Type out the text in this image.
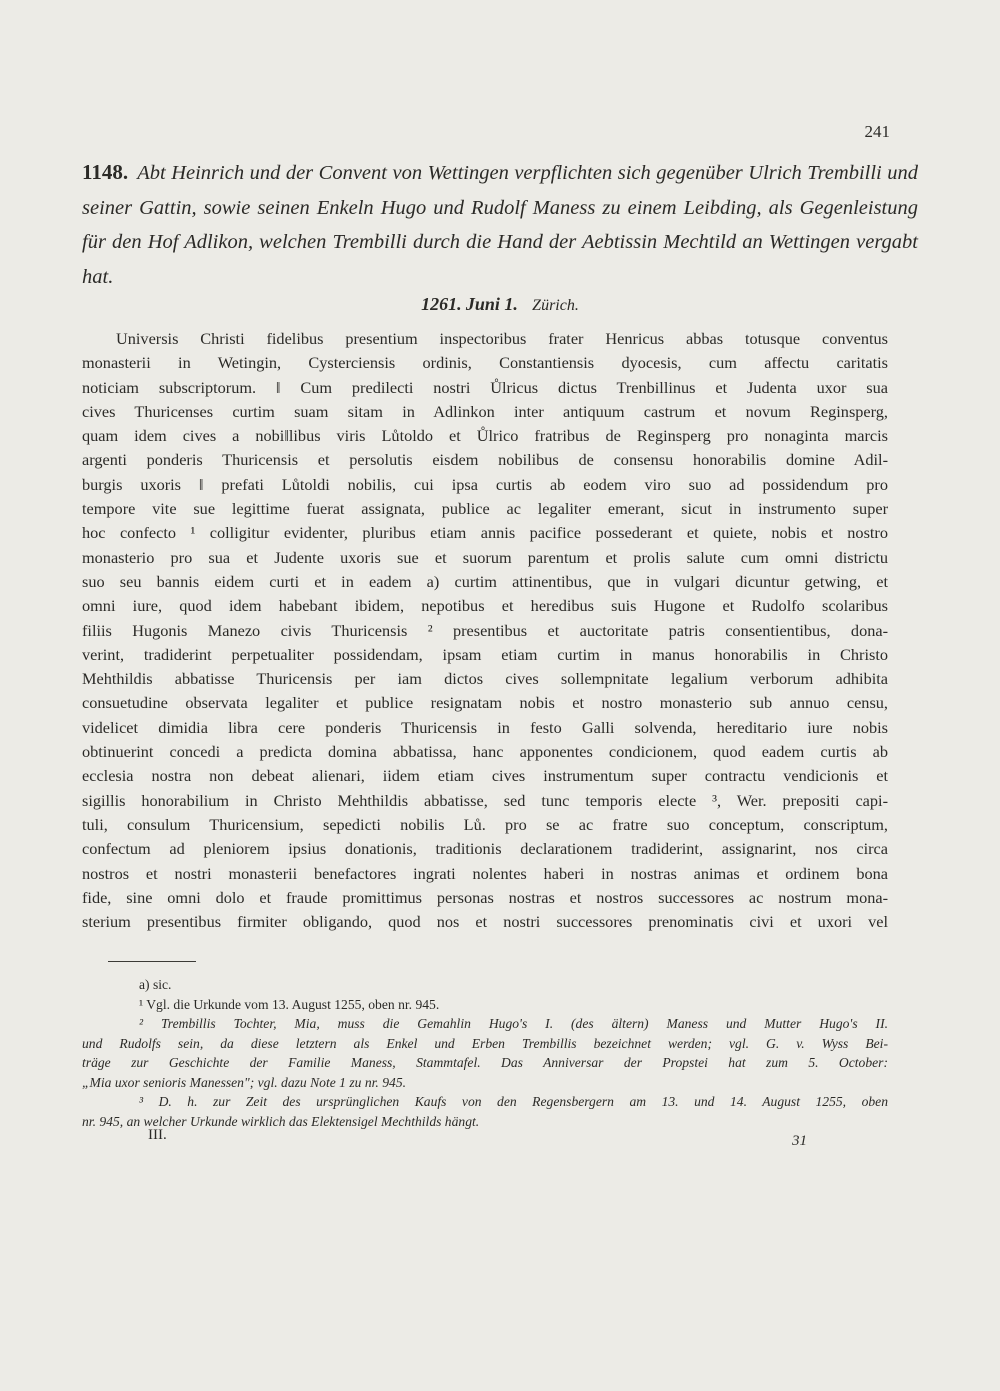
241
1148. Abt Heinrich und der Convent von Wettingen verpflichten sich gegenüber Ulrich Trembilli und seiner Gattin, sowie seinen Enkeln Hugo und Rudolf Maness zu einem Leibding, als Gegenleistung für den Hof Adlikon, welchen Trembilli durch die Hand der Aebtissin Mechtild an Wettingen vergabt hat.
1261. Juni 1. Zürich.
Universis Christi fidelibus presentium inspectoribus frater Henricus abbas totusque conventus
monasterii in Wetingin, Cysterciensis ordinis, Constantiensis dyocesis, cum affectu caritatis
noticiam subscriptorum. ‖ Cum predilecti nostri Ůlricus dictus Trenbillinus et Judenta uxor sua
cives Thuricenses curtim suam sitam in Adlinkon inter antiquum castrum et novum Reginsperg,
quam idem cives a nobi‖libus viris Lůtoldo et Ůlrico fratribus de Reginsperg pro nonaginta marcis
argenti ponderis Thuricensis et persolutis eisdem nobilibus de consensu honorabilis domine Adil-
burgis uxoris ‖ prefati Lůtoldi nobilis, cui ipsa curtis ab eodem viro suo ad possidendum pro
tempore vite sue legittime fuerat assignata, publice ac legaliter emerant, sicut in instrumento super
hoc confecto ¹ colligitur evidenter, pluribus etiam annis pacifice possederant et quiete, nobis et nostro
monasterio pro sua et Judente uxoris sue et suorum parentum et prolis salute cum omni districtu
suo seu bannis eidem curti et in eadem a) curtim attinentibus, que in vulgari dicuntur getwing, et
omni iure, quod idem habebant ibidem, nepotibus et heredibus suis Hugone et Rudolfo scolaribus
filiis Hugonis Manezo civis Thuricensis ² presentibus et auctoritate patris consentientibus, dona-
verint, tradiderint perpetualiter possidendam, ipsam etiam curtim in manus honorabilis in Christo
Mehthildis abbatisse Thuricensis per iam dictos cives sollempnitate legalium verborum adhibita
consuetudine observata legaliter et publice resignatam nobis et nostro monasterio sub annuo censu,
videlicet dimidia libra cere ponderis Thuricensis in festo Galli solvenda, hereditario iure nobis
obtinuerint concedi a predicta domina abbatissa, hanc apponentes condicionem, quod eadem curtis ab
ecclesia nostra non debeat alienari, iidem etiam cives instrumentum super contractu vendicionis et
sigillis honorabilium in Christo Mehthildis abbatisse, sed tunc temporis electe ³, Wer. prepositi capi-
tuli, consulum Thuricensium, sepedicti nobilis Lů. pro se ac fratre suo conceptum, conscriptum,
confectum ad pleniorem ipsius donationis, traditionis declarationem tradiderint, assignarint, nos circa
nostros et nostri monasterii benefactores ingrati nolentes haberi in nostras animas et ordinem bona
fide, sine omni dolo et fraude promittimus personas nostras et nostros successores ac nostrum mona-
sterium presentibus firmiter obligando, quod nos et nostri successores prenominatis civi et uxori vel
a) sic.
¹ Vgl. die Urkunde vom 13. August 1255, oben nr. 945.
² Trembillis Tochter, Mia, muss die Gemahlin Hugo's I. (des ältern) Maness und Mutter Hugo's II.
und Rudolfs sein, da diese letztern als Enkel und Erben Trembillis bezeichnet werden; vgl. G. v. Wyss Bei-
träge zur Geschichte der Familie Maness, Stammtafel. Das Anniversar der Propstei hat zum 5. October:
„Mia uxor senioris Manessen"; vgl. dazu Note 1 zu nr. 945.
³ D. h. zur Zeit des ursprünglichen Kaufs von den Regensbergern am 13. und 14. August 1255, oben
nr. 945, an welcher Urkunde wirklich das Elektensigel Mechthilds hängt.
III.	31
